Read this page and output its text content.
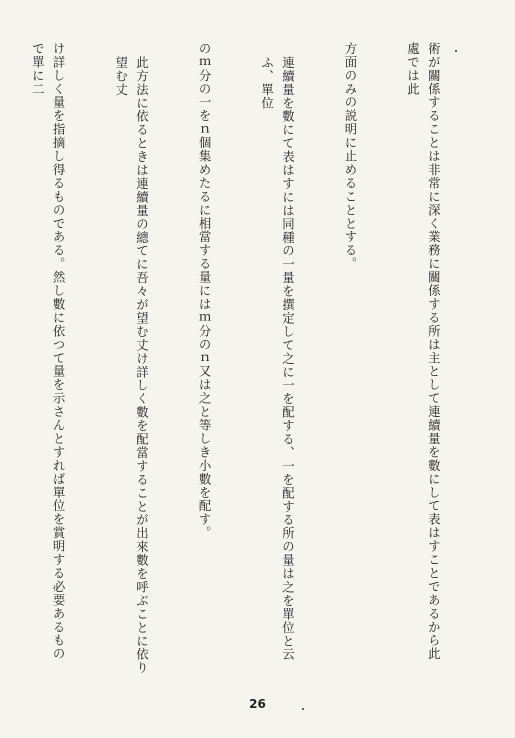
術が關係することは非常に深く業務に關係する所は主として連續量を數にして表はすことであるから此處では此

方面のみの説明に止めることとする。

連續量を數にて表はすには同種の一量を撰定して之に一を配する、一を配する所の量は之を單位と云ふ、單位

のｍ分の一をｎ個集めたるに相當する量にはｍ分のｎ又は之と等しき小數を配す。

此方法に依るときは連續量の總てに吾々が望む丈け詳しく數を配當することが出來數を呼ぶことに依り望む丈

け詳しく量を指摘し得るものである。然し數に依つて量を示さんとすれば單位を賞明する必要あるもので單に二

26
